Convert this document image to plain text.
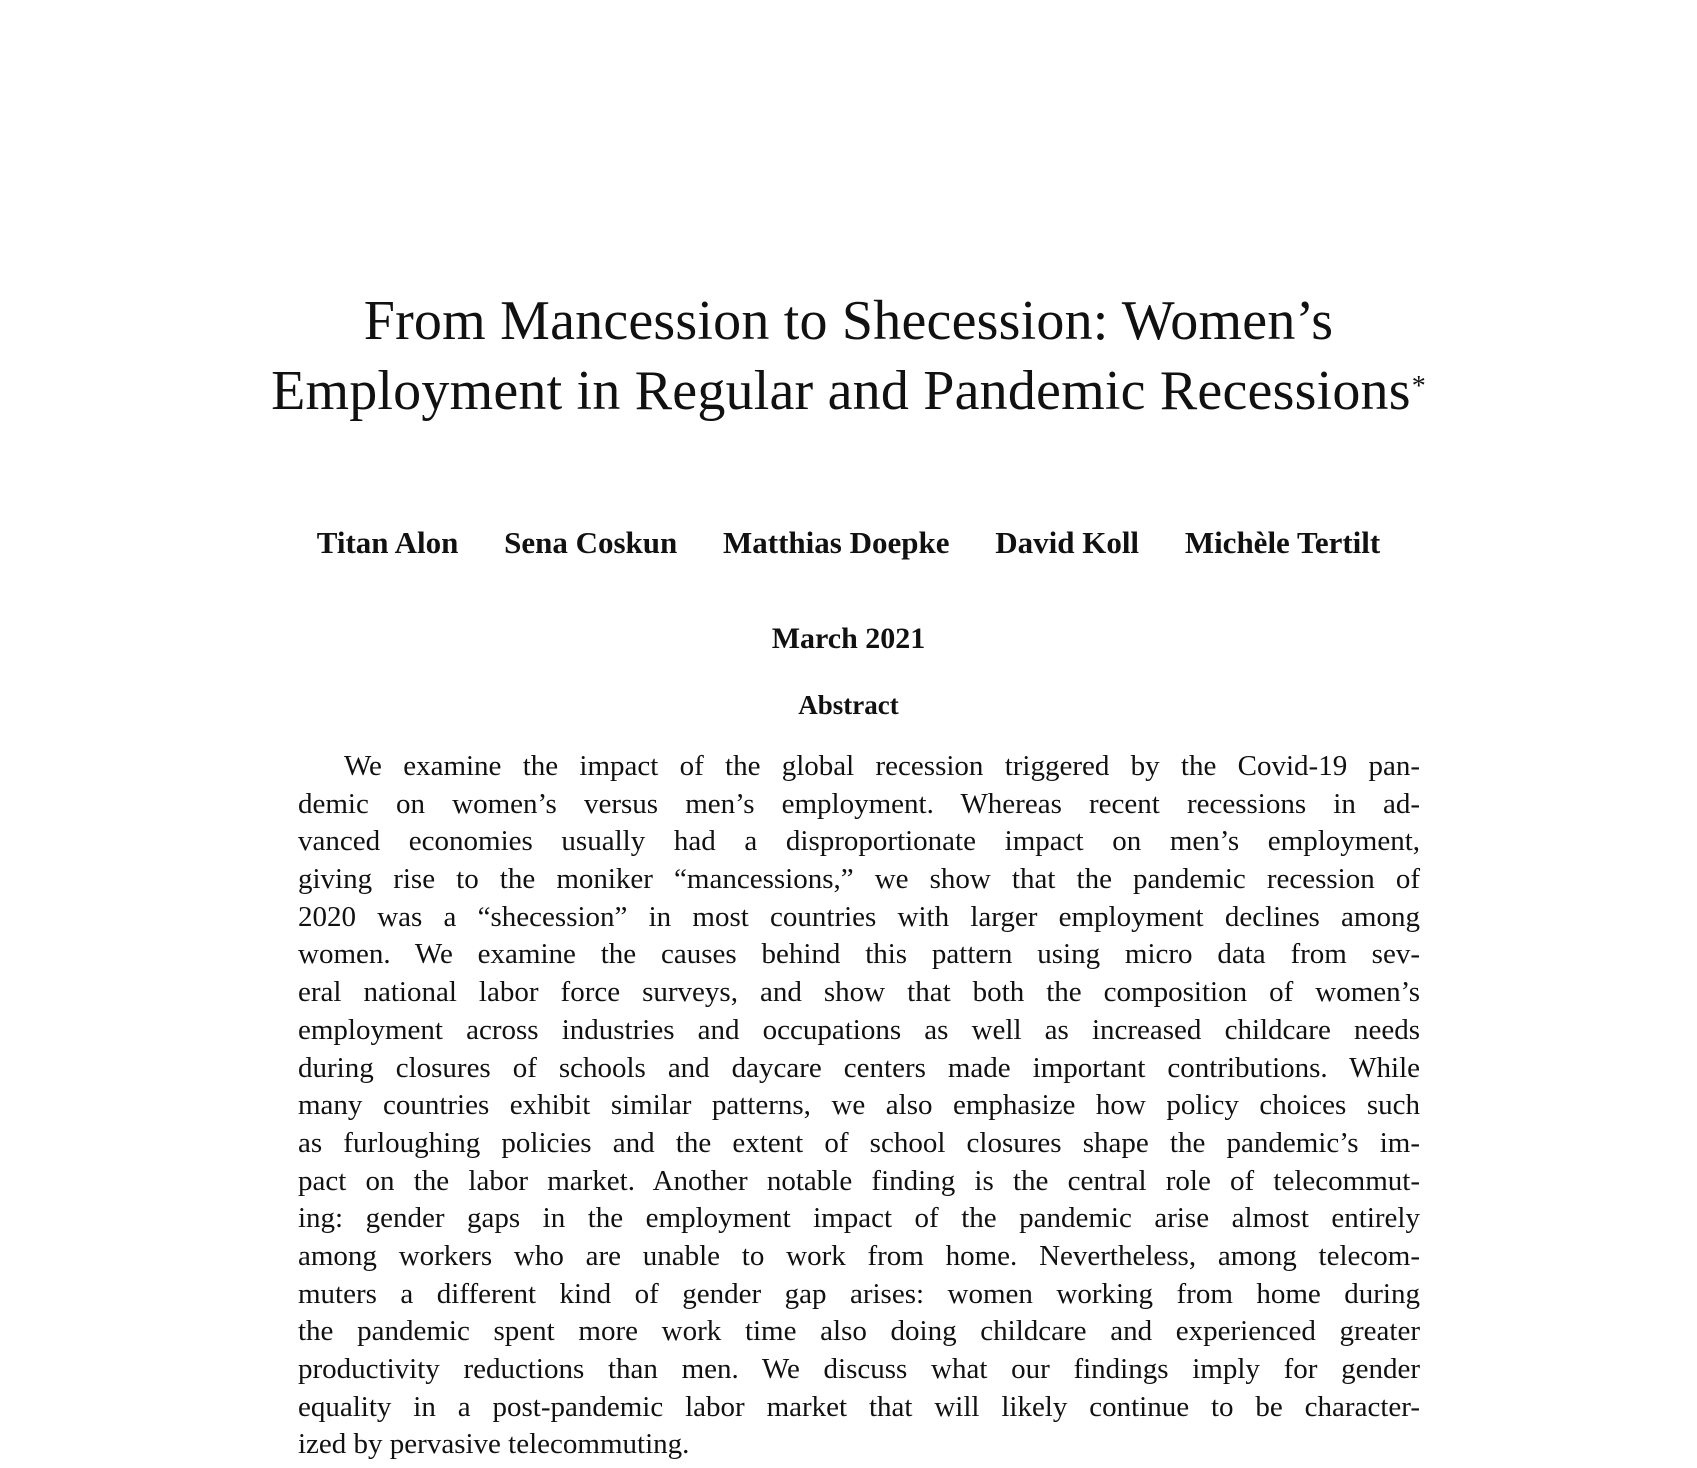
From Mancession to Shecession: Women’s
Employment in Regular and Pandemic Recessions*
Titan Alon Sena Coskun Matthias Doepke David Koll Michèle Tertilt
March 2021
Abstract
We examine the impact of the global recession triggered by the Covid-19 pan-
demic on women’s versus men’s employment. Whereas recent recessions in ad-
vanced economies usually had a disproportionate impact on men’s employment,
giving rise to the moniker “mancessions,” we show that the pandemic recession of
2020 was a “shecession” in most countries with larger employment declines among
women. We examine the causes behind this pattern using micro data from sev-
eral national labor force surveys, and show that both the composition of women’s
employment across industries and occupations as well as increased childcare needs
during closures of schools and daycare centers made important contributions. While
many countries exhibit similar patterns, we also emphasize how policy choices such
as furloughing policies and the extent of school closures shape the pandemic’s im-
pact on the labor market. Another notable finding is the central role of telecommut-
ing: gender gaps in the employment impact of the pandemic arise almost entirely
among workers who are unable to work from home. Nevertheless, among telecom-
muters a different kind of gender gap arises: women working from home during
the pandemic spent more work time also doing childcare and experienced greater
productivity reductions than men. We discuss what our findings imply for gender
equality in a post-pandemic labor market that will likely continue to be character-
ized by pervasive telecommuting.
